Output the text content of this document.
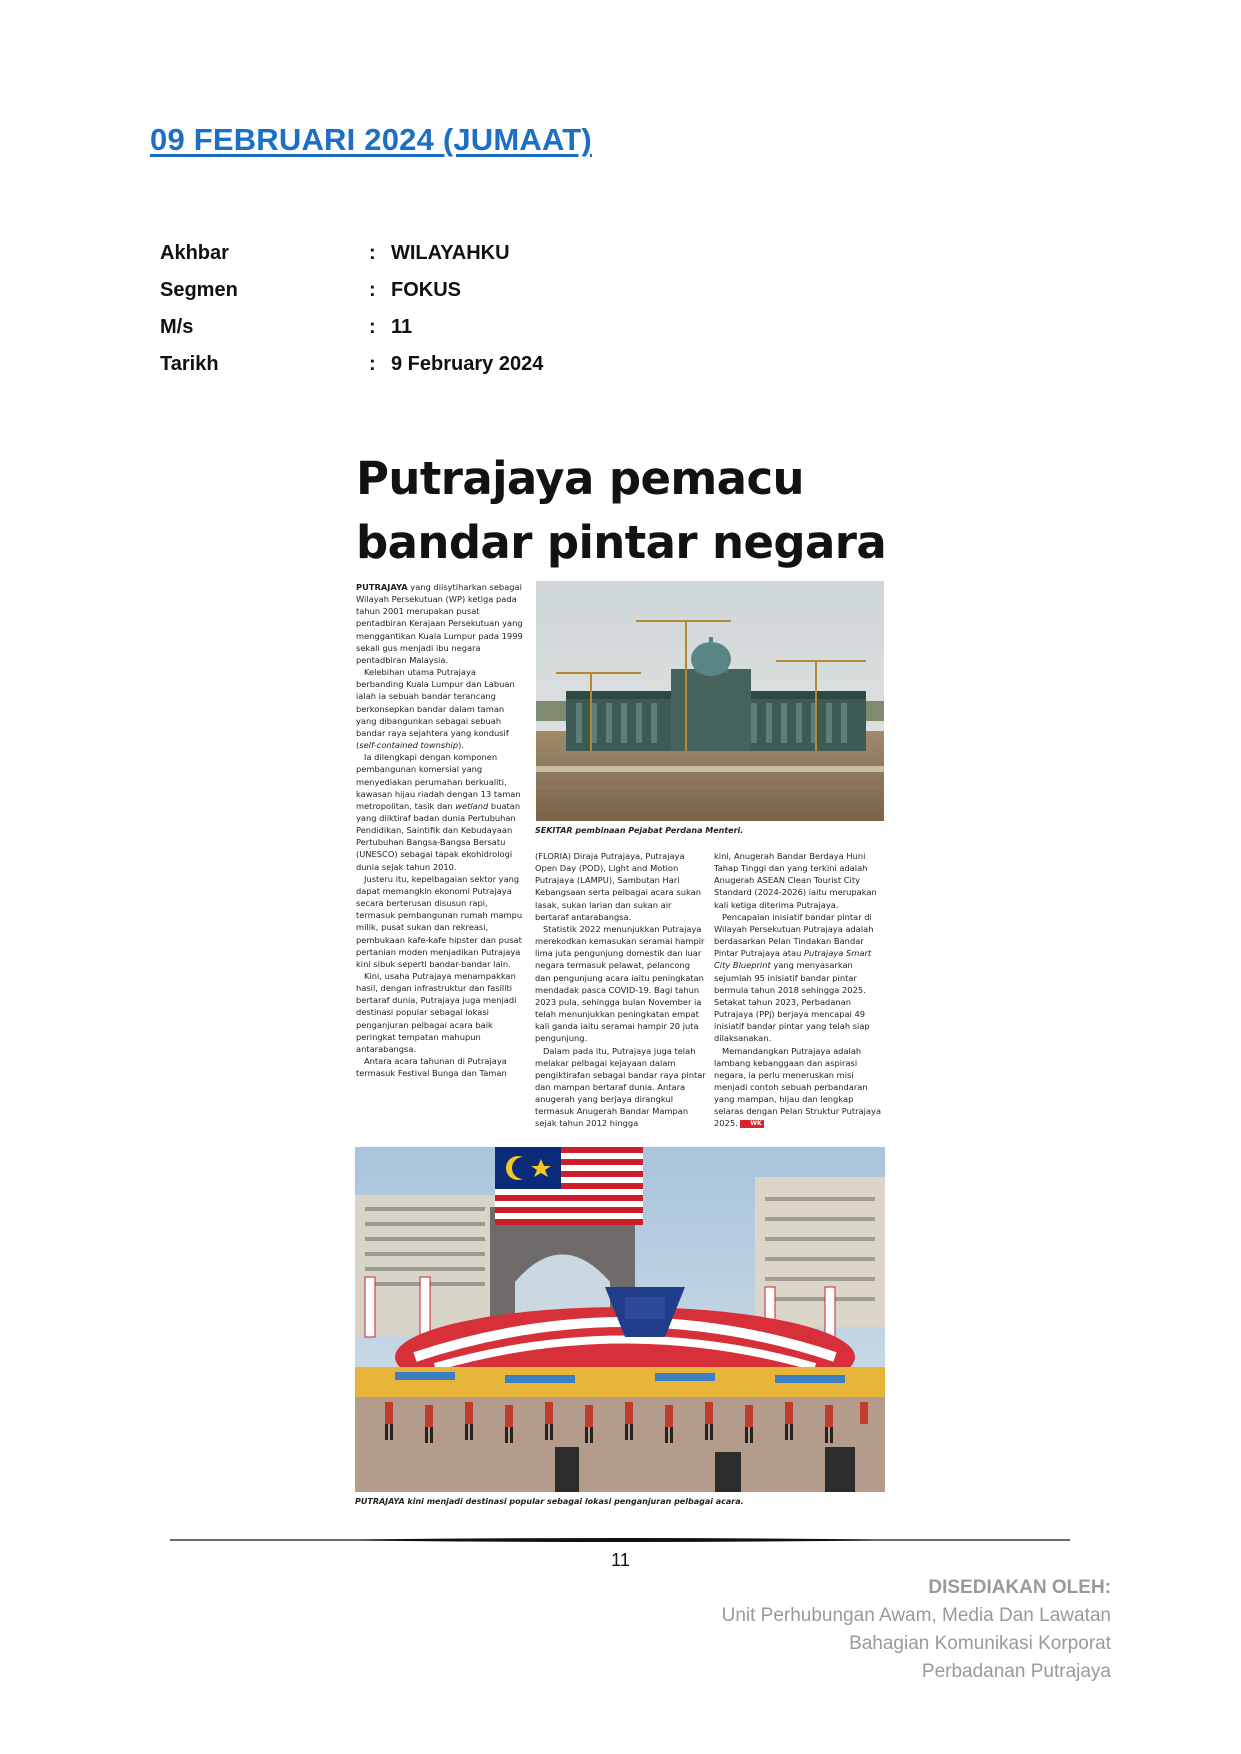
09 FEBRUARI 2024 (JUMAAT)
Akhbar	: WILAYAHKU
Segmen	: FOKUS
M/s	: 11
Tarikh	: 9 February 2024
Putrajaya pemacu
bandar pintar negara

PUTRAJAYA yang diisytiharkan sebagai Wilayah Persekutuan (WP) ketiga pada tahun 2001 merupakan pusat pentadbiran Kerajaan Persekutuan yang menggantikan Kuala Lumpur pada 1999 sekali gus menjadi ibu negara pentadbiran Malaysia.

Kelebihan utama Putrajaya berbanding Kuala Lumpur dan Labuan ialah ia sebuah bandar terancang berkonsepkan bandar dalam taman yang dibangunkan sebagai sebuah bandar raya sejahtera yang kondusif (self-contained township).

Ia dilengkapi dengan komponen pembangunan komersial yang menyediakan perumahan berkualiti, kawasan hijau riadah dengan 13 taman metropolitan, tasik dan wetland buatan yang diiktiraf badan dunia Pertubuhan Pendidikan, Saintifik dan Kebudayaan Pertubuhan Bangsa-Bangsa Bersatu (UNESCO) sebagai tapak ekohidrologi dunia sejak tahun 2010.

Justeru itu, kepelbagaian sektor yang dapat memangkin ekonomi Putrajaya secara berterusan disusun rapi, termasuk pembangunan rumah mampu milik, pusat sukan dan rekreasi, pembukaan kafe-kafe hipster dan pusat pertanian moden menjadikan Putrajaya kini sibuk seperti bandar-bandar lain.

Kini, usaha Putrajaya menampakkan hasil, dengan infrastruktur dan fasiliti bertaraf dunia, Putrajaya juga menjadi destinasi popular sebagai lokasi penganjuran pelbagai acara baik peringkat tempatan mahupun antarabangsa.

Antara acara tahunan di Putrajaya termasuk Festival Bunga dan Taman

SEKITAR pembinaan Pejabat Perdana Menteri.

(FLORIA) Diraja Putrajaya, Putrajaya Open Day (POD), Light and Motion Putrajaya (LAMPU), Sambutan Hari Kebangsaan serta pelbagai acara sukan lasak, sukan larian dan sukan air bertaraf antarabangsa.

Statistik 2022 menunjukkan Putrajaya merekodkan kemasukan seramai hampir lima juta pengunjung domestik dan luar negara termasuk pelawat, pelancong dan pengunjung acara iaitu peningkatan mendadak pasca COVID-19. Bagi tahun 2023 pula, sehingga bulan November ia telah menunjukkan peningkatan empat kali ganda iaitu seramai hampir 20 juta pengunjung.

Dalam pada itu, Putrajaya juga telah melakar pelbagai kejayaan dalam pengiktirafan sebagai bandar raya pintar dan mampan bertaraf dunia. Antara anugerah yang berjaya dirangkul termasuk Anugerah Bandar Mampan sejak tahun 2012 hingga

kini, Anugerah Bandar Berdaya Huni Tahap Tinggi dan yang terkini adalah Anugerah ASEAN Clean Tourist City Standard (2024-2026) iaitu merupakan kali ketiga diterima Putrajaya.

Pencapaian inisiatif bandar pintar di Wilayah Persekutuan Putrajaya adalah berdasarkan Pelan Tindakan Bandar Pintar Putrajaya atau Putrajaya Smart City Blueprint yang menyasarkan sejumlah 95 inisiatif bandar pintar bermula tahun 2018 sehingga 2025. Setakat tahun 2023, Perbadanan Putrajaya (PPj) berjaya mencapai 49 inisiatif bandar pintar yang telah siap dilaksanakan.

Memandangkan Putrajaya adalah lambang kebanggaan dan aspirasi negara, ia perlu meneruskan misi menjadi contoh sebuah perbandaran yang mampan, hijau dan lengkap selaras dengan Pelan Struktur Putrajaya 2025. WK

PUTRAJAYA kini menjadi destinasi popular sebagai lokasi penganjuran pelbagai acara.
11
DISEDIAKAN OLEH:
Unit Perhubungan Awam, Media Dan Lawatan
Bahagian Komunikasi Korporat
Perbadanan Putrajaya
